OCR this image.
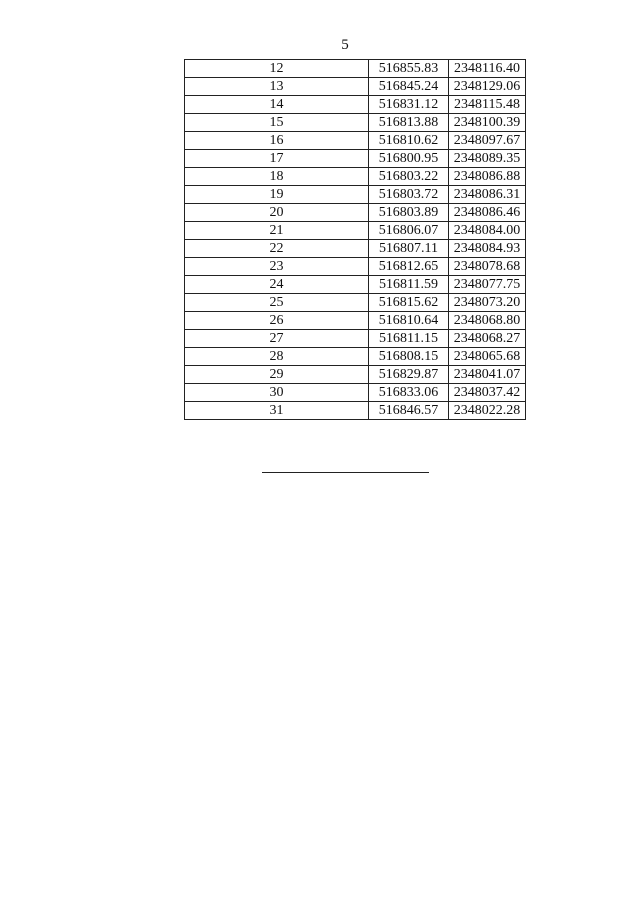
5
12	516855.83	2348116.40
13	516845.24	2348129.06
14	516831.12	2348115.48
15	516813.88	2348100.39
16	516810.62	2348097.67
17	516800.95	2348089.35
18	516803.22	2348086.88
19	516803.72	2348086.31
20	516803.89	2348086.46
21	516806.07	2348084.00
22	516807.11	2348084.93
23	516812.65	2348078.68
24	516811.59	2348077.75
25	516815.62	2348073.20
26	516810.64	2348068.80
27	516811.15	2348068.27
28	516808.15	2348065.68
29	516829.87	2348041.07
30	516833.06	2348037.42
31	516846.57	2348022.28
